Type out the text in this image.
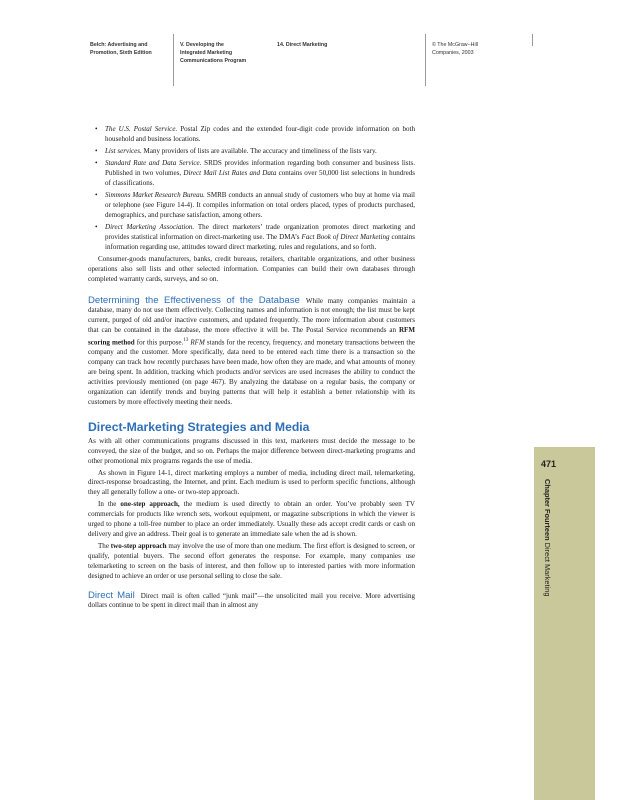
Belch: Advertising and
Promotion, Sixth Edition
V. Developing the
Integrated Marketing
Communications Program
14. Direct Marketing	© The McGraw−Hill
Companies, 2003
• The U.S. Postal Service. Postal Zip codes and the extended four-digit code provide information on both household and business locations.
• List services. Many providers of lists are available. The accuracy and timeliness of the lists vary.
• Standard Rate and Data Service. SRDS provides information regarding both consumer and business lists. Published in two volumes, Direct Mail List Rates and Data contains over 50,000 list selections in hundreds of classifications.
• Simmons Market Research Bureau. SMRB conducts an annual study of customers who buy at home via mail or telephone (see Figure 14-4). It compiles information on total orders placed, types of products purchased, demographics, and purchase satisfaction, among others.
• Direct Marketing Association. The direct marketers’ trade organization promotes direct marketing and provides statistical information on direct-marketing use. The DMA’s Fact Book of Direct Marketing contains information regarding use, attitudes toward direct marketing, rules and regulations, and so forth.

Consumer-goods manufacturers, banks, credit bureaus, retailers, charitable organizations, and other business operations also sell lists and other selected information. Companies can build their own databases through completed warranty cards, surveys, and so on.

Determining the Effectiveness of the Database While many companies maintain a database, many do not use them effectively. Collecting names and information is not enough; the list must be kept current, purged of old and/or inactive customers, and updated frequently. The more information about customers that can be contained in the database, the more effective it will be. The Postal Service recommends an RFM scoring method for this purpose.$^{13}$ RFM stands for the recency, frequency, and monetary transactions between the company and the customer. More specifically, data need to be entered each time there is a transaction so the company can track how recently purchases have been made, how often they are made, and what amounts of money are being spent. In addition, tracking which products and/or services are used increases the ability to conduct the activities previously mentioned (on page 467). By analyzing the database on a regular basis, the company or organization can identify trends and buying patterns that will help it establish a better relationship with its customers by more effectively meeting their needs.

Direct-Marketing Strategies and Media

As with all other communications programs discussed in this text, marketers must decide the message to be conveyed, the size of the budget, and so on. Perhaps the major difference between direct-marketing programs and other promotional mix programs regards the use of media.

As shown in Figure 14-1, direct marketing employs a number of media, including direct mail, telemarketing, direct-response broadcasting, the Internet, and print. Each medium is used to perform specific functions, although they all generally follow a one- or two-step approach.

In the one-step approach, the medium is used directly to obtain an order. You’ve probably seen TV commercials for products like wrench sets, workout equipment, or magazine subscriptions in which the viewer is urged to phone a toll-free number to place an order immediately. Usually these ads accept credit cards or cash on delivery and give an address. Their goal is to generate an immediate sale when the ad is shown.

The two-step approach may involve the use of more than one medium. The first effort is designed to screen, or qualify, potential buyers. The second effort generates the response. For example, many companies use telemarketing to screen on the basis of interest, and then follow up to interested parties with more information designed to achieve an order or use personal selling to close the sale.

Direct Mail Direct mail is often called “junk mail”—the unsolicited mail you receive. More advertising dollars continue to be spent in direct mail than in almost any

471
Chapter Fourteen Direct Marketing
